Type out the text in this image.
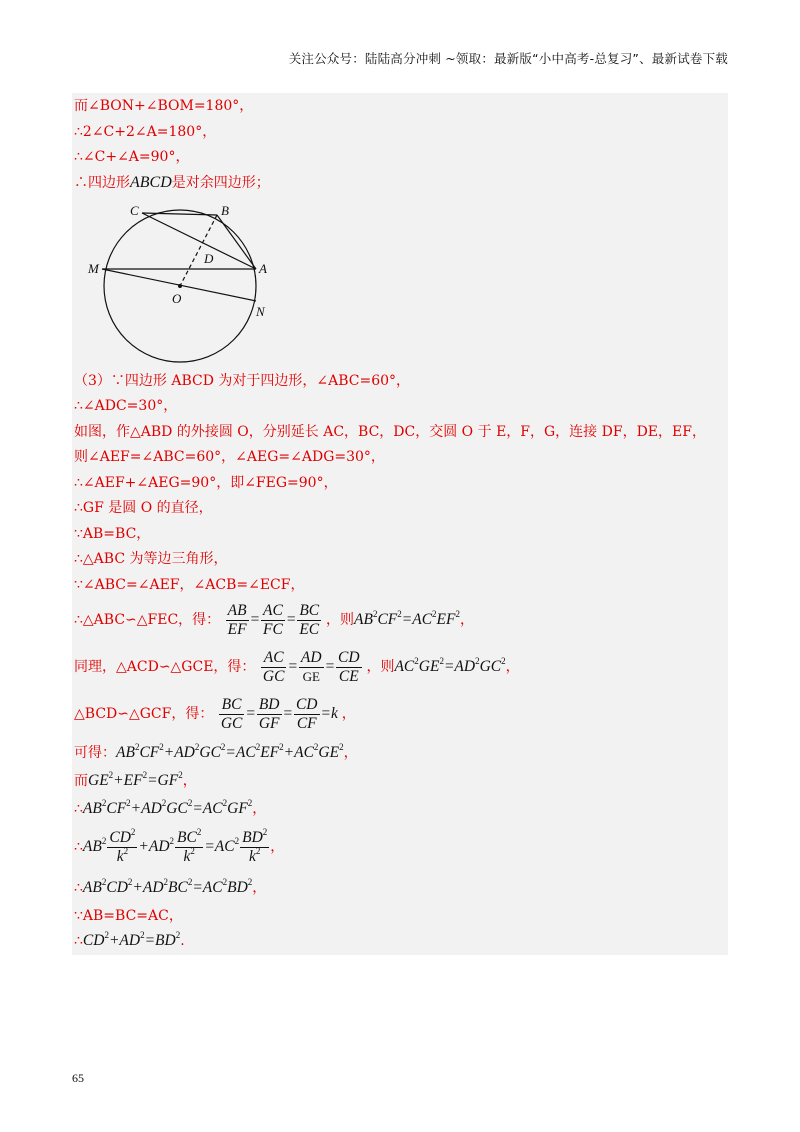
关注公众号：陆陆高分冲刺 ~领取：最新版“小中高考-总复习”、最新试卷下载
而∠BON+∠BOM=180°，
∴2∠C+2∠A=180°，
∴∠C+∠A=90°，
∴四边形ABCD是对余四边形；
C	B
D
M	A
O
N
（3）∵四边形 ABCD 为对于四边形，∠ABC=60°，
∴∠ADC=30°，
如图，作△ABD 的外接圆 O，分别延长 AC，BC，DC，交圆 O 于 E，F，G，连接 DF，DE，EF，
则∠AEF=∠ABC=60°，∠AEG=∠ADG=30°，
∴∠AEF+∠AEG=90°，即∠FEG=90°，
∴GF 是圆 O 的直径，
∵AB=BC，
∴△ABC 为等边三角形，
∵∠ABC=∠AEF，∠ACB=∠ECF，
∴△ABC∽△FEC，得： $\frac{AB}{EF} = \frac{AC}{FC} = \frac{BC}{EC}$ ，则$AB^2CF^2=AC^2EF^2$，
同理，△ACD∽△GCE，得： $\frac{AC}{GC} = \frac{AD}{GE} = \frac{CD}{CE}$ ，则$AC^2GE^2=AD^2GC^2$，
△BCD∽△GCF，得： $\frac{BC}{GC} = \frac{BD}{GF} = \frac{CD}{CF} =k$ ，
可得：$AB^2CF^2+AD^2GC^2=AC^2EF^2+AC^2GE^2$，
而$GE^2+EF^2=GF^2$，
$\therefore AB^2CF^2+AD^2GC^2=AC^2GF^2$，
$\therefore AB^2 \frac{CD^2}{k^2} +AD^2 \frac{BC^2}{k^2} =AC^2 \frac{BD^2}{k^2}$ ，
$\therefore AB^2CD^2+AD^2BC^2=AC^2BD^2$，
∵AB=BC=AC，
$\therefore CD^2+AD^2=BD^2$.
65
